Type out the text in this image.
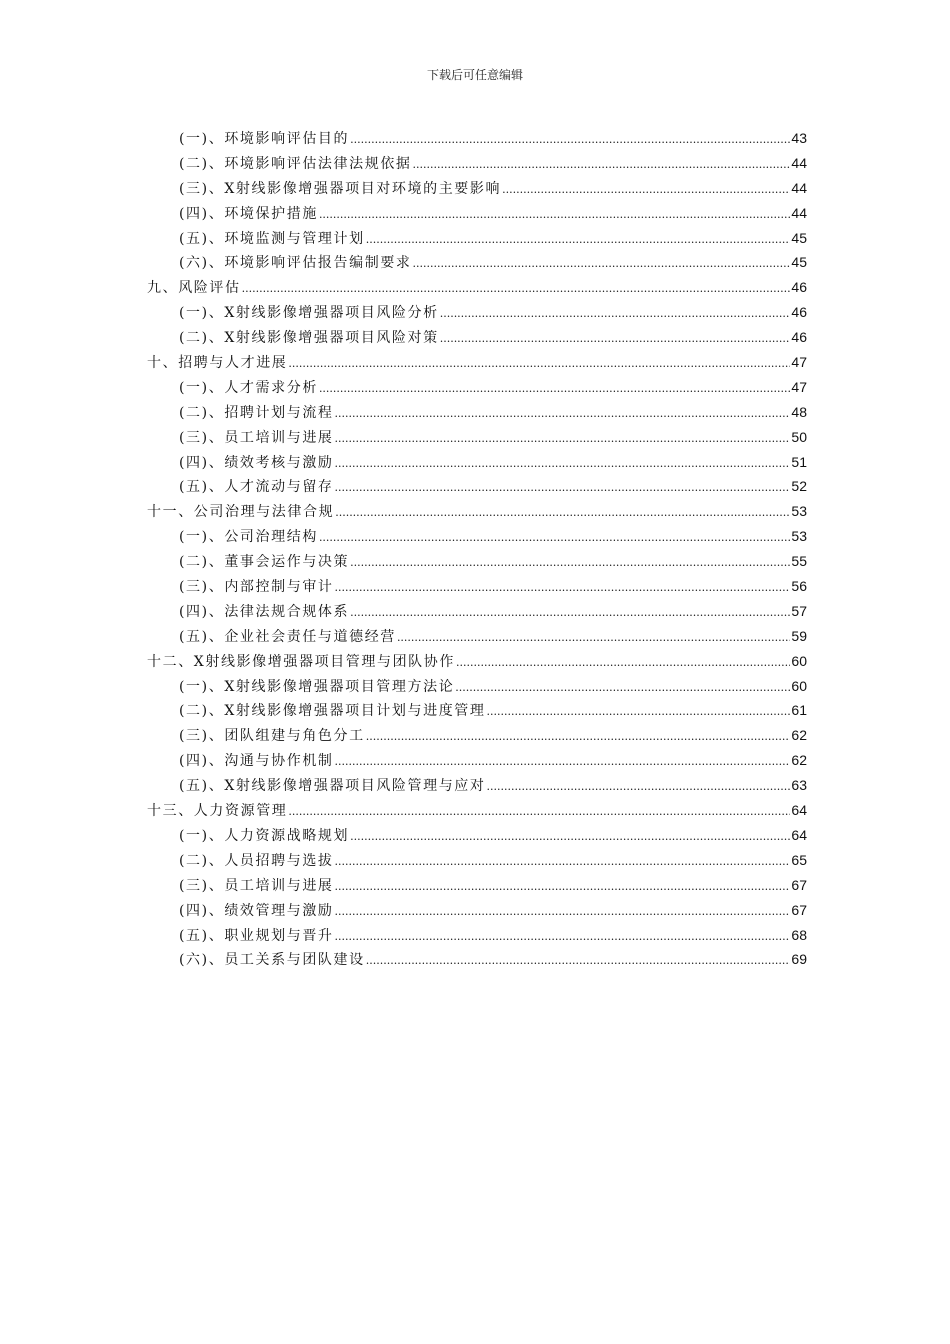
下载后可任意编辑
(一)、环境影响评估目的 .....	43
(二)、环境影响评估法律法规依据 .....	44
(三)、X射线影像增强器项目对环境的主要影响 .....	44
(四)、环境保护措施 .....	44
(五)、环境监测与管理计划 .....	45
(六)、环境影响评估报告编制要求 .....	45
九、风险评估 .....	46
(一)、X射线影像增强器项目风险分析 .....	46
(二)、X射线影像增强器项目风险对策 .....	46
十、招聘与人才进展 .....	47
(一)、人才需求分析 .....	47
(二)、招聘计划与流程 .....	48
(三)、员工培训与进展 .....	50
(四)、绩效考核与激励 .....	51
(五)、人才流动与留存 .....	52
十一、公司治理与法律合规 .....	53
(一)、公司治理结构 .....	53
(二)、董事会运作与决策 .....	55
(三)、内部控制与审计 .....	56
(四)、法律法规合规体系 .....	57
(五)、企业社会责任与道德经营 .....	59
十二、X射线影像增强器项目管理与团队协作 .....	60
(一)、X射线影像增强器项目管理方法论 .....	60
(二)、X射线影像增强器项目计划与进度管理 .....	61
(三)、团队组建与角色分工 .....	62
(四)、沟通与协作机制 .....	62
(五)、X射线影像增强器项目风险管理与应对 .....	63
十三、人力资源管理 .....	64
(一)、人力资源战略规划 .....	64
(二)、人员招聘与选拔 .....	65
(三)、员工培训与进展 .....	67
(四)、绩效管理与激励 .....	67
(五)、职业规划与晋升 .....	68
(六)、员工关系与团队建设 .....	69
